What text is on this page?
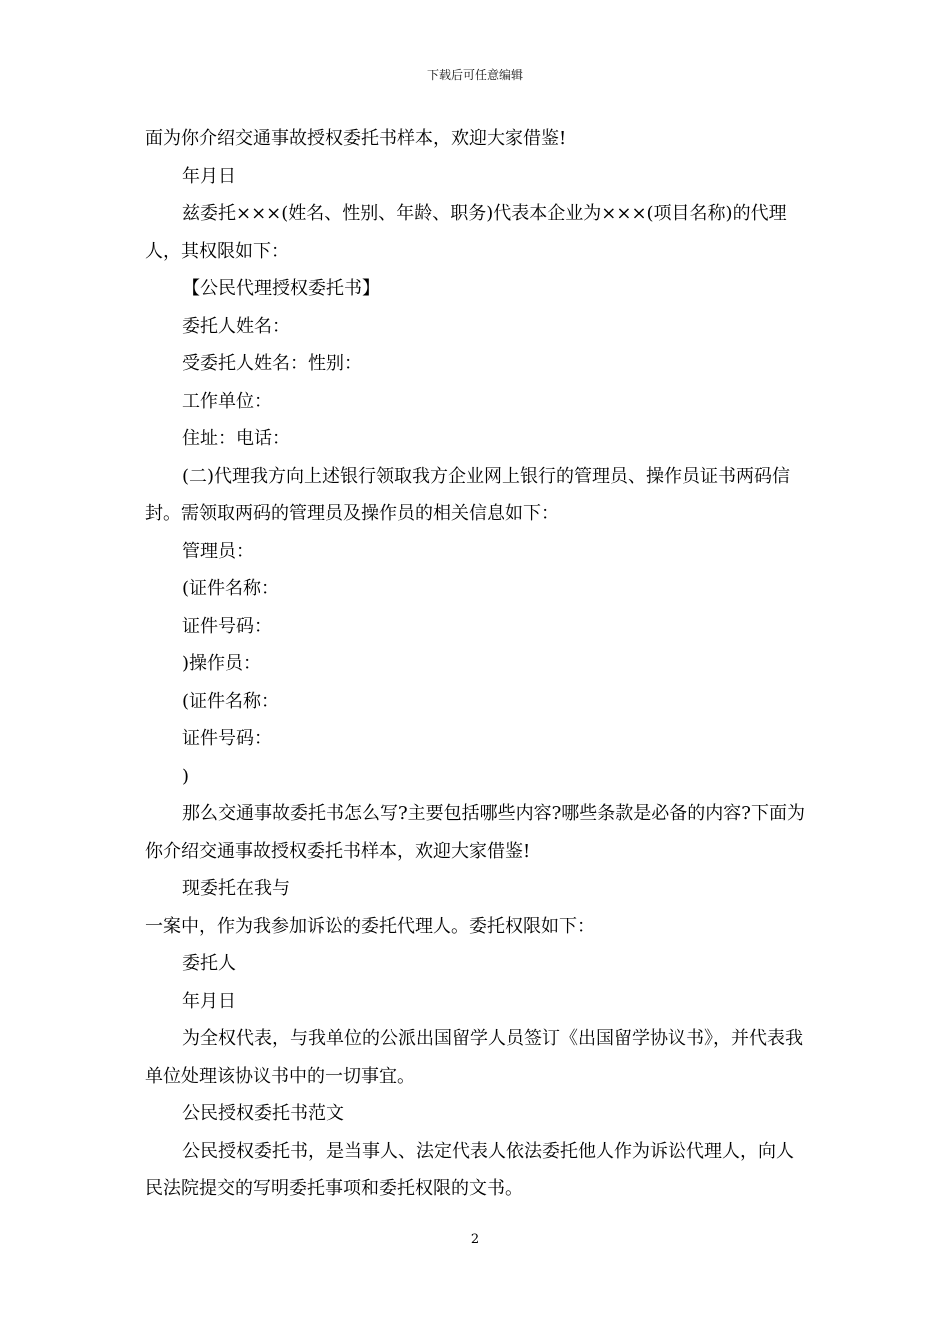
下载后可任意编辑

面为你介绍交通事故授权委托书样本，欢迎大家借鉴!

年月日

兹委托×××(姓名、性别、年龄、职务)代表本企业为×××(项目名称)的代理人，其权限如下：

【公民代理授权委托书】

委托人姓名：

受委托人姓名：性别：

工作单位：

住址：电话：

(二)代理我方向上述银行领取我方企业网上银行的管理员、操作员证书两码信封。需领取两码的管理员及操作员的相关信息如下：

管理员：

(证件名称：

证件号码：

)操作员：

(证件名称：

证件号码：

)

那么交通事故委托书怎么写?主要包括哪些内容?哪些条款是必备的内容?下面为你介绍交通事故授权委托书样本，欢迎大家借鉴!

现委托在我与

一案中，作为我参加诉讼的委托代理人。委托权限如下：

委托人

年月日

为全权代表，与我单位的公派出国留学人员签订《出国留学协议书》，并代表我单位处理该协议书中的一切事宜。

公民授权委托书范文

公民授权委托书，是当事人、法定代表人依法委托他人作为诉讼代理人，向人民法院提交的写明委托事项和委托权限的文书。

2
